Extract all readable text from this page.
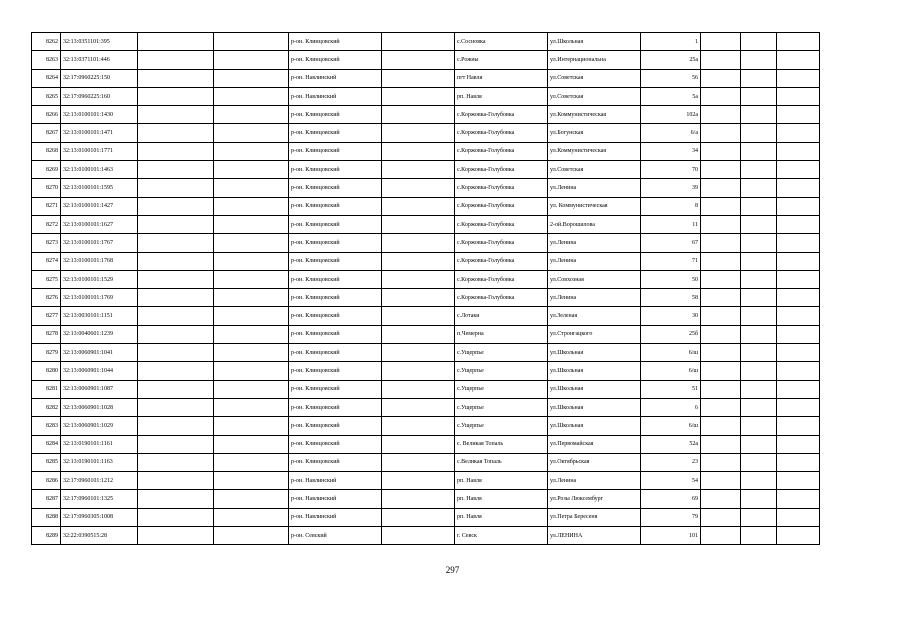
8262	32:13:0351101:395			р-он. Клинцовский		с.Сосновка	ул.Школьная	1			
8263	32:13:0371101:446			р-он. Клинцовский		с.Рожны	ул.Интернациональна	25а			
8264	32:17:0960225:150			р-он. Навлинский		пгт Навля	ул.Советская	56			
8265	32:17:0960225:160			р-он. Навлинский		рп. Навля	ул.Советская	5а			
8266	32:13:0100101:1430			р-он. Клинцовский		с.Коржовка-Голубовка	ул.Коммунистическая	102а			
8267	32:13:0100101:1471			р-он. Клинцовский		с.Коржовка-Голубовка	ул.Богунская	6/а			
8268	32:13:0100101:1771			р-он. Клинцовский		с.Коржовка-Голубовка	ул.Коммунистическая	34			
8269	32:13:0100101:1463			р-он. Клинцовский		с.Коржовка-Голубовка	ул.Советская	70			
8270	32:13:0100101:1595			р-он. Клинцовский		с.Коржовка-Голубовка	ул.Ленина	39			
8271	32:13:0100101:1427			р-он. Клинцовский		с.Коржовка-Голубовка	ул. Коммунистическая	8			
8272	32:13:0100101:1627			р-он. Клинцовский		с.Коржовка-Голубовка	2-ой.Ворошилова	11			
8273	32:13:0100101:1767			р-он. Клинцовский		с.Коржовка-Голубовка	ул.Ленина	67			
8274	32:13:0100101:1768			р-он. Клинцовский		с.Коржовка-Голубовка	ул.Ленина	71			
8275	32:13:0100101:1529			р-он. Клинцовский		с.Коржовка-Голубовка	ул.Совхозная	50			
8276	32:13:0100101:1769			р-он. Клинцовский		с.Коржовка-Голубовка	ул.Ленина	58			
8277	32:13:0030101:1151			р-он. Клинцовский		с.Лотаки	ул.Зеленая	30			
8278	32:13:0040601:1239			р-он. Клинцовский		п.Чемерна	ул.Стронгацкого	25б			
8279	32:13:0060901:1041			р-он. Клинцовский		с.Ущерпье	ул.Школьная	6/ш			
8280	32:13:0060901:1044			р-он. Клинцовский		с.Ущерпье	ул.Школьная	6/ш			
8281	32:13:0060901:1087			р-он. Клинцовский		с.Ущерпье	ул.Школьная	51			
8282	32:13:0060901:1028			р-он. Клинцовский		с.Ущерпье	ул.Школьная	6			
8283	32:13:0060901:1029			р-он. Клинцовский		с.Ущерпье	ул.Школьная	6/ш			
8284	32:13:0190101:1161			р-он. Клинцовский		с. Великая Топаль	ул.Первомайская	52а			
8285	32:13:0190101:1163			р-он. Клинцовский		с.Великая Топаль	ул.Октябрьская	23			
8286	32:17:0960101:1212			р-он. Навлинский		рп. Навля	ул.Ленина	54			
8287	32:17:0960101:1325			р-он. Навлинский		рп. Навля	ул.Розы Люксембург	69			
8288	32:17:0960305:1008			р-он. Навлинский		рп. Навля	ул.Петра Бересеня	79			
8289	32:22:0390515:28			р-он. Севский		г. Севск	ул.ЛЕНИНА	101			
297
